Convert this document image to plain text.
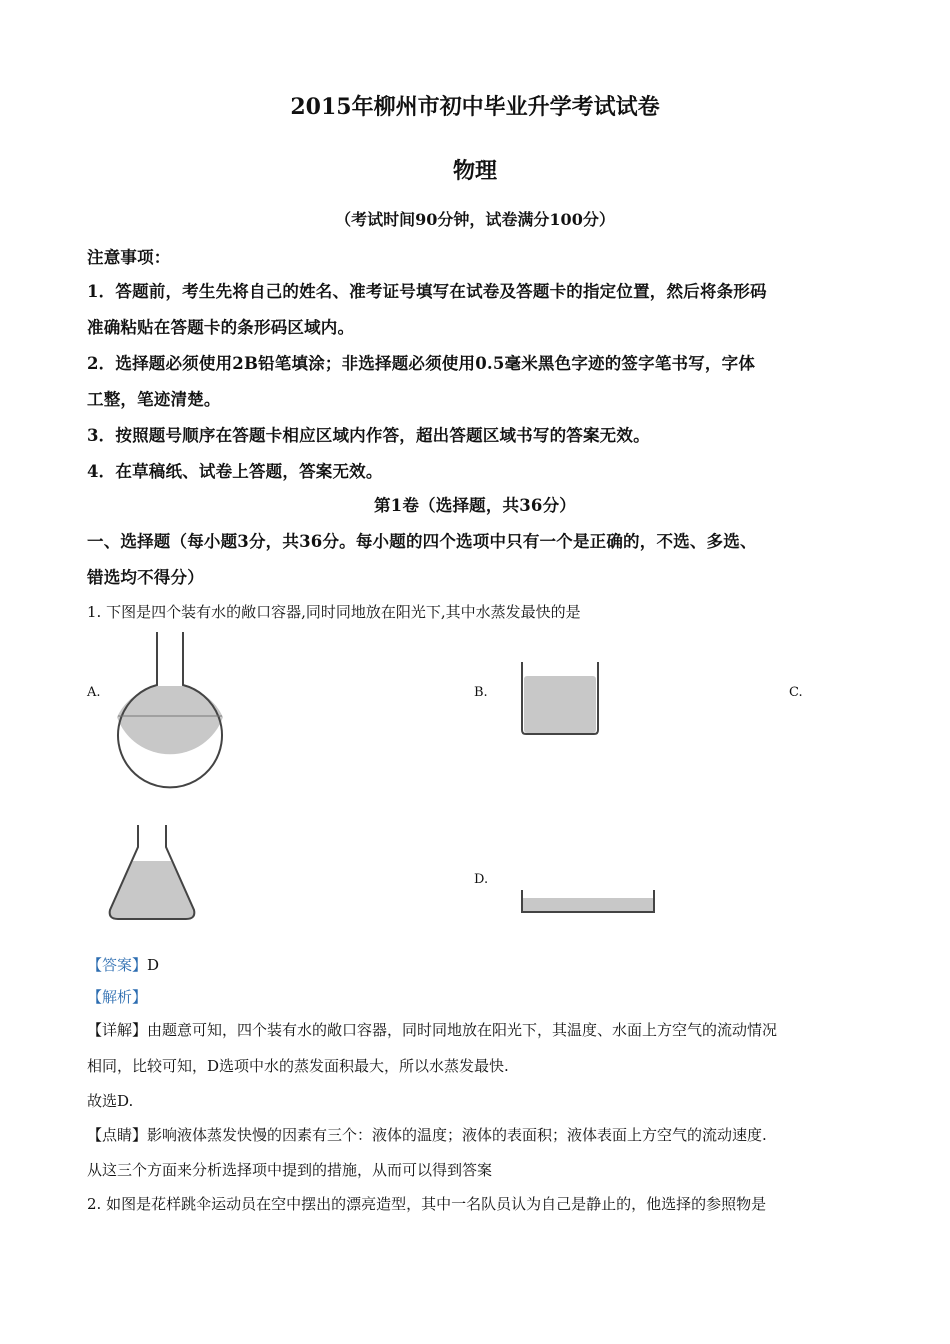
2015年柳州市初中毕业升学考试试卷
物理
（考试时间90分钟，试卷满分100分）
注意事项：
1．答题前，考生先将自己的姓名、准考证号填写在试卷及答题卡的指定位置，然后将条形码
准确粘贴在答题卡的条形码区域内。
2．选择题必须使用2B铅笔填涂；非选择题必须使用0.5毫米黑色字迹的签字笔书写，字体
工整，笔迹清楚。
3．按照题号顺序在答题卡相应区域内作答，超出答题区域书写的答案无效。
4．在草稿纸、试卷上答题，答案无效。
第1卷（选择题，共36分）
一、选择题（每小题3分，共36分。每小题的四个选项中只有一个是正确的，不选、多选、
错选均不得分）
1. 下图是四个装有水的敞口容器,同时同地放在阳光下,其中水蒸发最快的是
A.	B.	C.
D.
【答案】D
【解析】
【详解】由题意可知，四个装有水的敞口容器，同时同地放在阳光下，其温度、水面上方空气的流动情况
相同，比较可知，D选项中水的蒸发面积最大，所以水蒸发最快.
故选D.
【点睛】影响液体蒸发快慢的因素有三个：液体的温度；液体的表面积；液体表面上方空气的流动速度.
从这三个方面来分析选择项中提到的措施，从而可以得到答案
2. 如图是花样跳伞运动员在空中摆出的漂亮造型，其中一名队员认为自己是静止的，他选择的参照物是
